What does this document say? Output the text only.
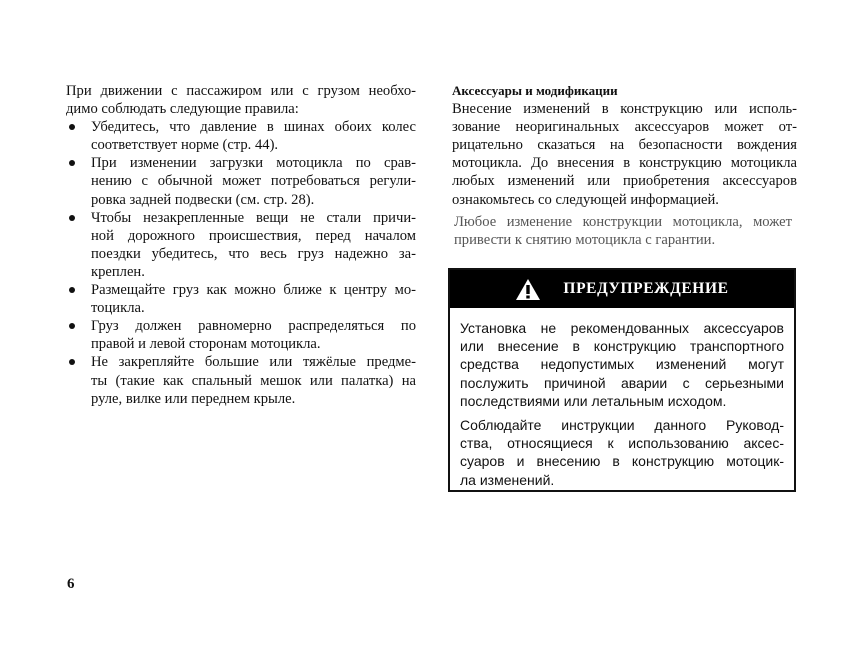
При движении с пассажиром или с грузом необхо-
димо соблюдать следующие правила:
Убедитесь, что давление в шинах обоих колес
соответствует норме (стр. 44).
При изменении загрузки мотоцикла по срав-
нению с обычной может потребоваться регули-
ровка задней подвески (см. стр. 28).
Чтобы незакрепленные вещи не стали причи-
ной дорожного происшествия, перед началом
поездки убедитесь, что весь груз надежно за-
креплен.
Размещайте груз как можно ближе к центру мо-
тоцикла.
Груз должен равномерно распределяться по
правой и левой сторонам мотоцикла.
Не закрепляйте большие или тяжёлые предме-
ты (такие как спальный мешок или палатка) на
руле, вилке или переднем крыле.
Аксессуары и модификации
Внесение изменений в конструкцию или исполь-
зование неоригинальных аксессуаров может от-
рицательно сказаться на безопасности вождения
мотоцикла. До внесения в конструкцию мотоцикла
любых изменений или приобретения аксессуаров
ознакомьтесь со следующей информацией.
Любое изменение конструкции мотоцикла, может
привести к снятию мотоцикла с гарантии.
ПРЕДУПРЕЖДЕНИЕ
Установка не рекомендованных аксессуаров
или внесение в конструкцию транспортного
средства недопустимых изменений могут
послужить причиной аварии с серьезными
последствиями или летальным исходом.
Соблюдайте инструкции данного Руковод-
ства, относящиеся к использованию аксес-
суаров и внесению в конструкцию мотоцик-
ла изменений.
6
